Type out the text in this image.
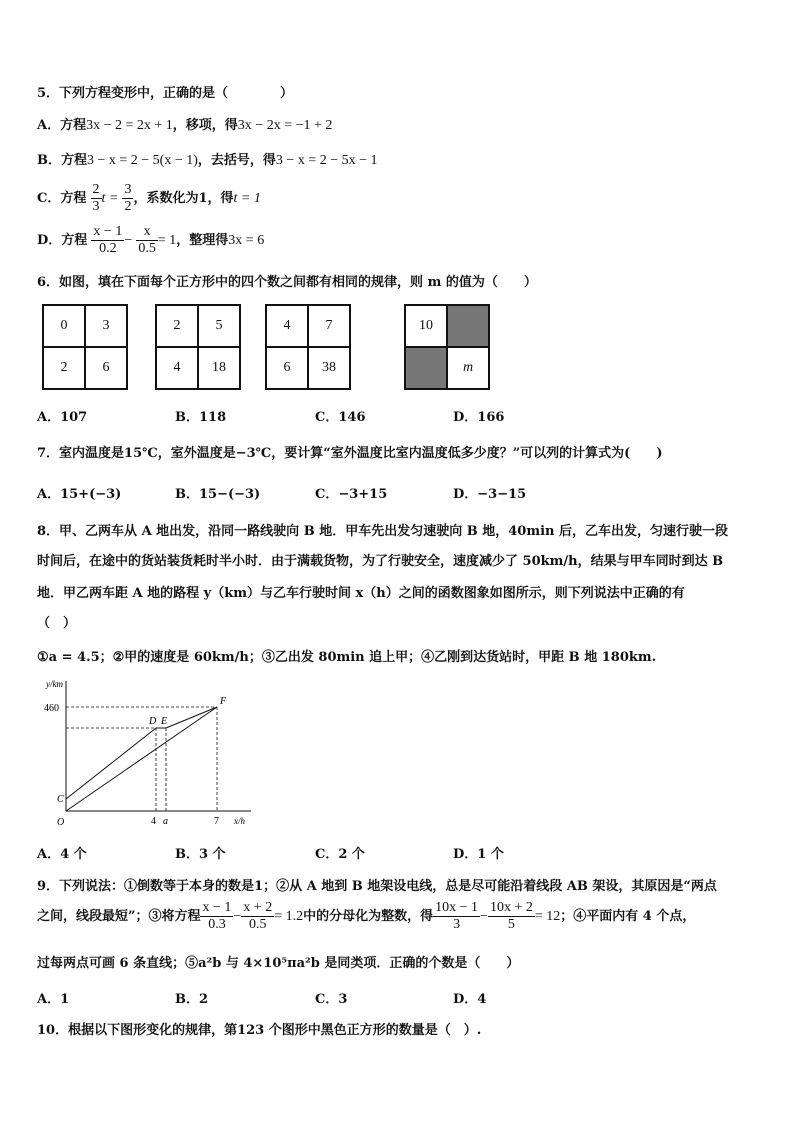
5．下列方程变形中，正确的是（　　　　）
A．方程3x − 2 = 2x + 1，移项，得3x − 2x = −1 + 2
B．方程3 − x = 2 − 5(x − 1)，去括号，得3 − x = 2 − 5x − 1
C．方程 $\frac{2}{3}$ $t = \frac{3}{2}$ ，系数化为1，得t = 1
D．方程 $\frac{x - 1}{0.2} - \frac{x}{0.5} = 1$，整理得3x = 6
6．如图，填在下面每个正方形中的四个数之间都有相同的规律，则 m 的值为（　　）
0	3
2	6
2	5
4	18
4	7
6	38
10
m
A．107	B．118	C．146	D．166
7．室内温度是15℃，室外温度是−3℃，要计算“室外温度比室内温度低多少度？”可以列的计算式为(　　)
A．15+(−3)	B．15−(−3)	C．−3+15	D．−3−15
8．甲、乙两车从 A 地出发，沿同一路线驶向 B 地．甲车先出发匀速驶向 B 地，40min 后，乙车出发，匀速行驶一段
时间后，在途中的货站装货耗时半小时．由于满载货物，为了行驶安全，速度减少了 50km/h，结果与甲车同时到达 B
地．甲乙两车距 A 地的路程 y（km）与乙车行驶时间 x（h）之间的函数图象如图所示，则下列说法中正确的有
（　）
①a = 4.5；②甲的速度是 60km/h；③乙出发 80min 追上甲；④乙刚到达货站时，甲距 B 地 180km.
y/km
x/h
460
O
C
D E
F
4 a	7
A．4 个	B．3 个	C．2 个	D．1 个
9．下列说法：①倒数等于本身的数是1；②从 A 地到 B 地架设电线，总是尽可能沿着线段 AB 架设，其原因是“两点
之间，线段最短”；③将方程 $\frac{x - 1}{0.3} - \frac{x + 2}{0.5} = 1.2$中的分母化为整数，得 $\frac{10x - 1}{3} - \frac{10x + 2}{5} = 12$；④平面内有 4 个点，
过每两点可画 6 条直线；⑤a²b 与 4×10⁵πa²b 是同类项．正确的个数是（　　）
A．1	B．2	C．3	D．4
10．根据以下图形变化的规律，第123 个图形中黑色正方形的数量是（　）.
